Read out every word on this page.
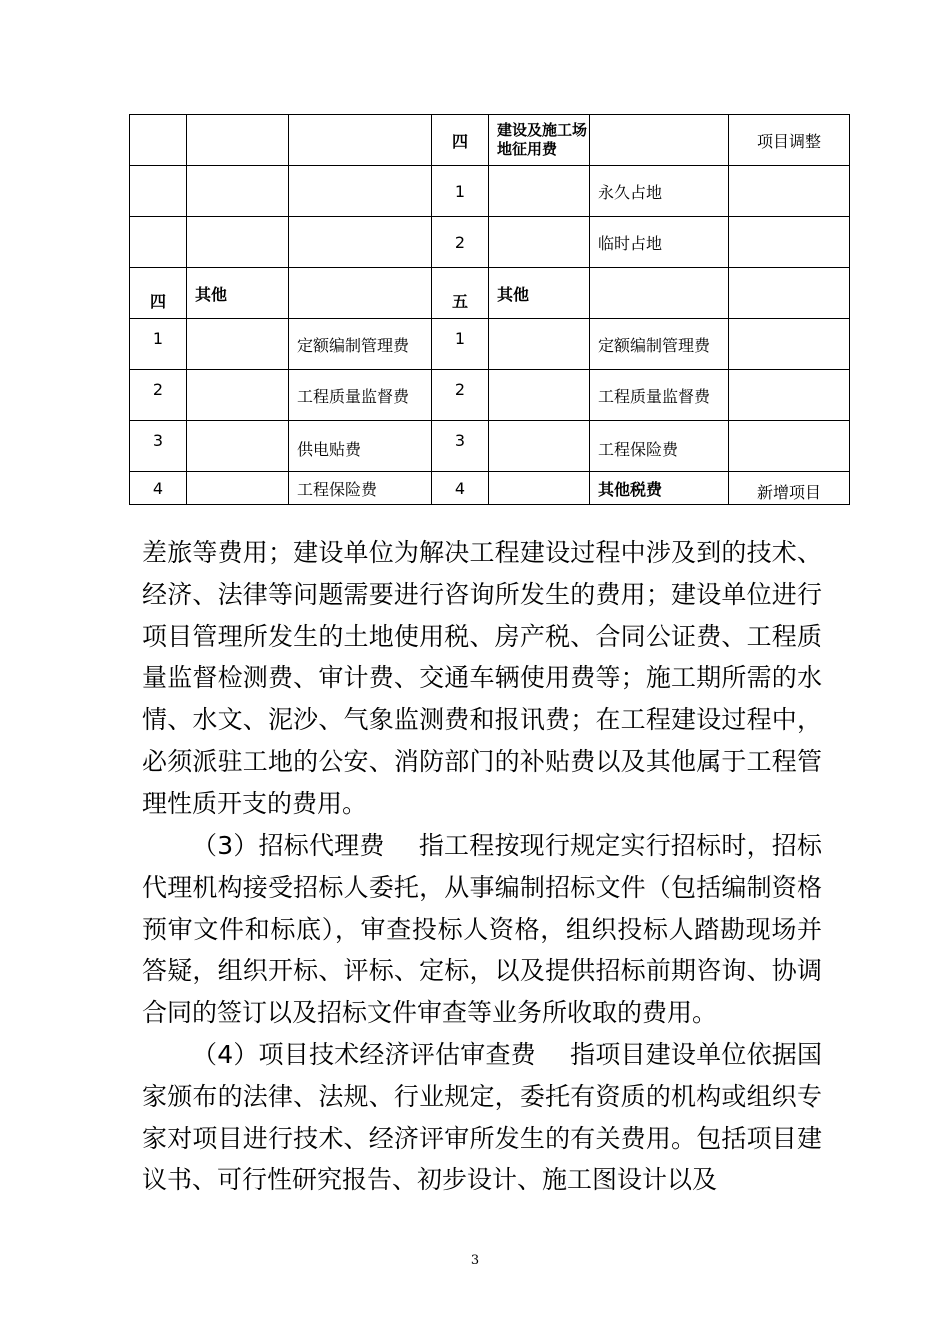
			四	建设及施工场地征用费		项目调整
			1		永久占地	
			2		临时占地	
四	其他		五	其他		
1		定额编制管理费	1		定额编制管理费	
2		工程质量监督费	2		工程质量监督费	
3		供电贴费	3		工程保险费	
4		工程保险费	4		其他税费	新增项目

差旅等费用；建设单位为解决工程建设过程中涉及到的技术、经济、法律等问题需要进行咨询所发生的费用；建设单位进行项目管理所发生的土地使用税、房产税、合同公证费、工程质量监督检测费、审计费、交通车辆使用费等；施工期所需的水情、水文、泥沙、气象监测费和报讯费；在工程建设过程中，必须派驻工地的公安、消防部门的补贴费以及其他属于工程管理性质开支的费用。

（3）招标代理费 指工程按现行规定实行招标时，招标代理机构接受招标人委托，从事编制招标文件（包括编制资格预审文件和标底），审查投标人资格，组织投标人踏勘现场并答疑，组织开标、评标、定标，以及提供招标前期咨询、协调合同的签订以及招标文件审查等业务所收取的费用。

（4）项目技术经济评估审查费 指项目建设单位依据国家颁布的法律、法规、行业规定，委托有资质的机构或组织专家对项目进行技术、经济评审所发生的有关费用。包括项目建议书、可行性研究报告、初步设计、施工图设计以及

3
